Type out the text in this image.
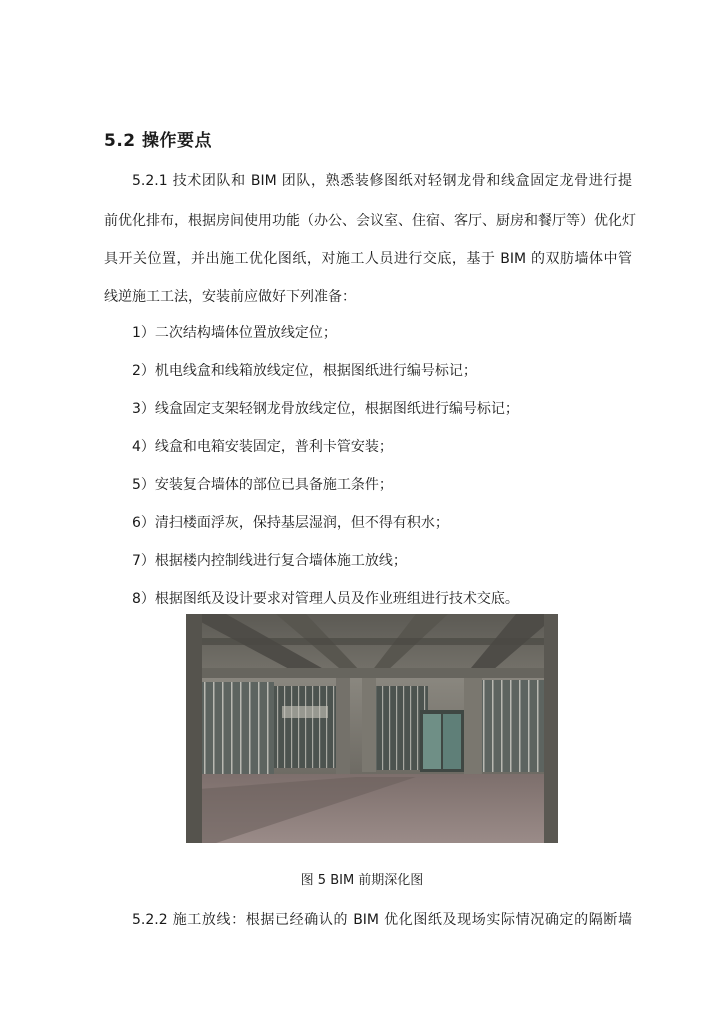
5.2 操作要点
5.2.1 技术团队和 BIM 团队，熟悉装修图纸对轻钢龙骨和线盒固定龙骨进行提
前优化排布，根据房间使用功能（办公、会议室、住宿、客厅、厨房和餐厅等）优化灯
具开关位置，并出施工优化图纸，对施工人员进行交底，基于 BIM 的双肪墙体中管
线逆施工工法，安装前应做好下列准备：
1）二次结构墙体位置放线定位；
2）机电线盒和线箱放线定位，根据图纸进行编号标记；
3）线盒固定支架轻钢龙骨放线定位，根据图纸进行编号标记；
4）线盒和电箱安装固定，普利卡管安装；
5）安装复合墙体的部位已具备施工条件；
6）清扫楼面浮灰，保持基层湿润，但不得有积水；
7）根据楼内控制线进行复合墙体施工放线；
8）根据图纸及设计要求对管理人员及作业班组进行技术交底。
图 5 BIM 前期深化图
5.2.2 施工放线：根据已经确认的 BIM 优化图纸及现场实际情况确定的隔断墙
